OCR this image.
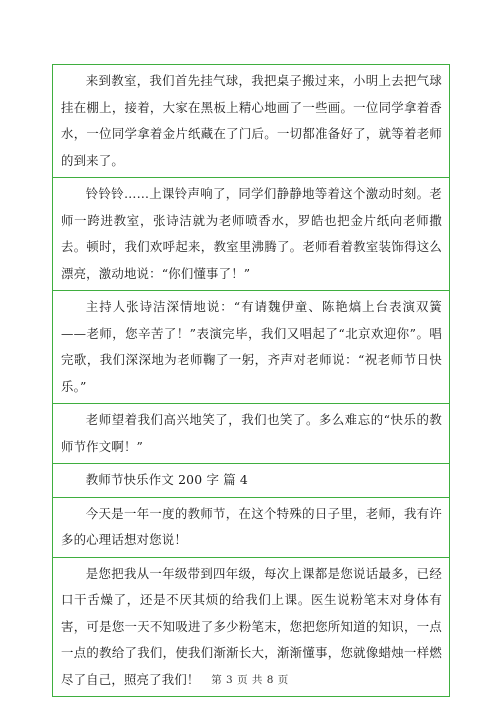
来到教室，我们首先挂气球，我把桌子搬过来，小明上去把气球挂在棚上，接着，大家在黑板上精心地画了一些画。一位同学拿着香水，一位同学拿着金片纸藏在了门后。一切都准备好了，就等着老师的到来了。

铃铃铃……上课铃声响了，同学们静静地等着这个激动时刻。老师一跨进教室，张诗洁就为老师喷香水，罗皓也把金片纸向老师撒去。顿时，我们欢呼起来，教室里沸腾了。老师看着教室装饰得这么漂亮，激动地说：“你们懂事了！”

主持人张诗洁深情地说：“有请魏伊童、陈艳熇上台表演双簧——老师，您辛苦了！”表演完毕，我们又唱起了“北京欢迎你”。唱完歌，我们深深地为老师鞠了一躬，齐声对老师说：“祝老师节日快乐。”

老师望着我们高兴地笑了，我们也笑了。多么难忘的“快乐的教师节作文啊！”

教师节快乐作文 200 字 篇 4

今天是一年一度的教师节，在这个特殊的日子里，老师，我有许多的心理话想对您说！

是您把我从一年级带到四年级，每次上课都是您说话最多，已经口干舌燥了，还是不厌其烦的给我们上课。医生说粉笔末对身体有害，可是您一天不知吸进了多少粉笔末，您把您所知道的知识，一点一点的教给了我们，使我们渐渐长大，渐渐懂事，您就像蜡烛一样燃尽了自己，照亮了我们！	第 3 页 共 8 页
